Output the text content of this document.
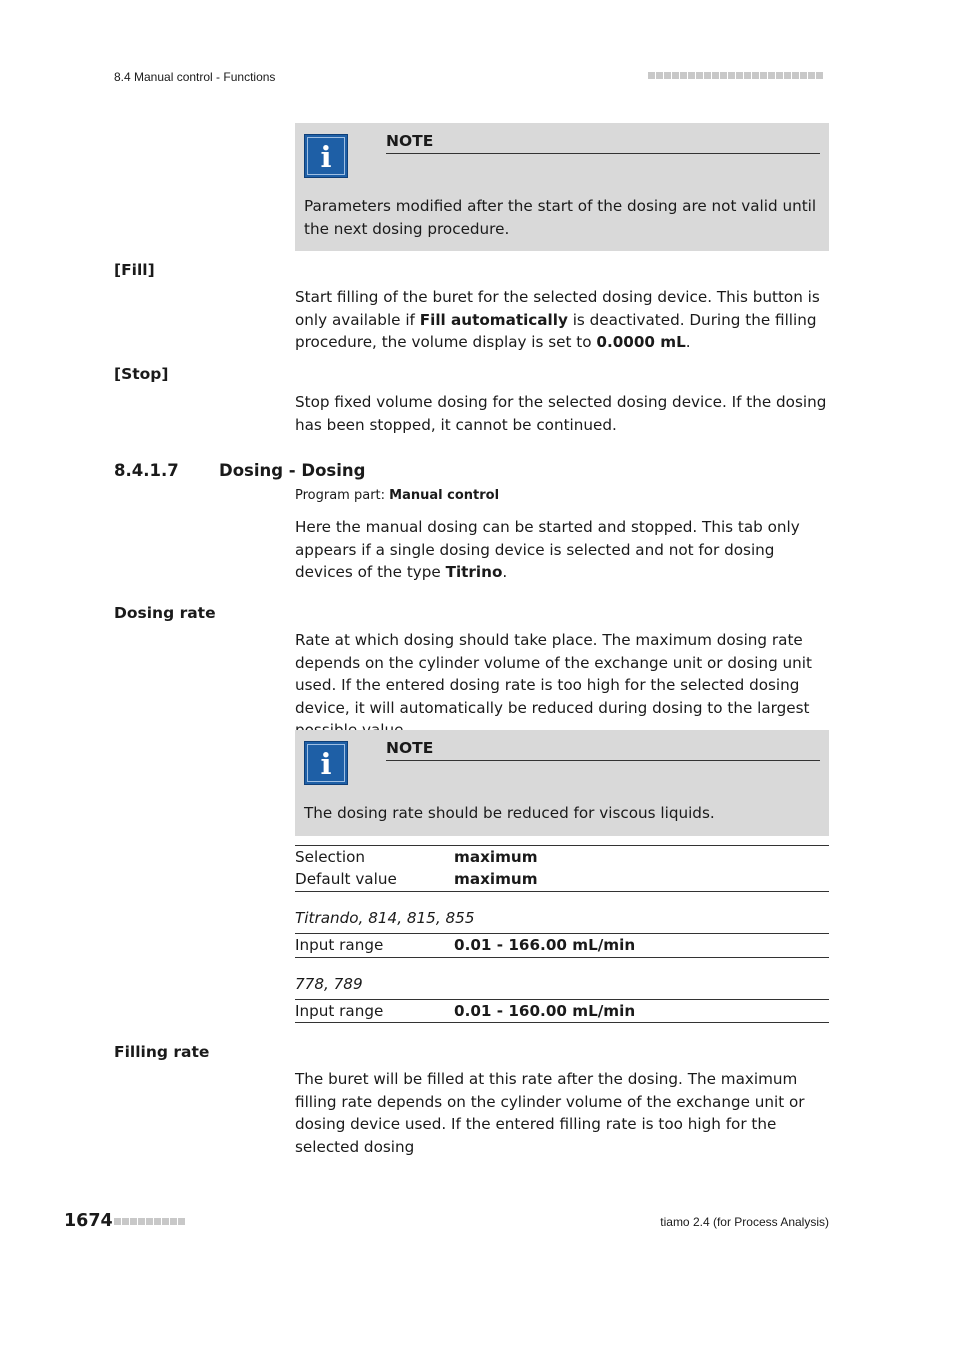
8.4 Manual control - Functions
i	NOTE
Parameters modified after the start of the dosing are not valid until the next dosing procedure.
[Fill]
Start filling of the buret for the selected dosing device. This button is only available if Fill automatically is deactivated. During the filling procedure, the volume display is set to 0.0000 mL.
[Stop]
Stop fixed volume dosing for the selected dosing device. If the dosing has been stopped, it cannot be continued.
8.4.1.7 Dosing - Dosing
Program part: Manual control
Here the manual dosing can be started and stopped. This tab only appears if a single dosing device is selected and not for dosing devices of the type Titrino.
Dosing rate
Rate at which dosing should take place. The maximum dosing rate depends on the cylinder volume of the exchange unit or dosing unit used. If the entered dosing rate is too high for the selected dosing device, it will automatically be reduced during dosing to the largest
i	NOTE
The dosing rate should be reduced for viscous liquids.
Selection	maximum
Default value	maximum
Titrando, 814, 815, 855
Input range	0.01 - 166.00 mL/min
778, 789
Input range	0.01 - 160.00 mL/min
Filling rate
The buret will be filled at this rate after the dosing. The maximum filling rate depends on the cylinder volume of the exchange unit or dosing device used. If the entered filling rate is too high for the selected dosing
1674	tiamo 2.4 (for Process Analysis)
